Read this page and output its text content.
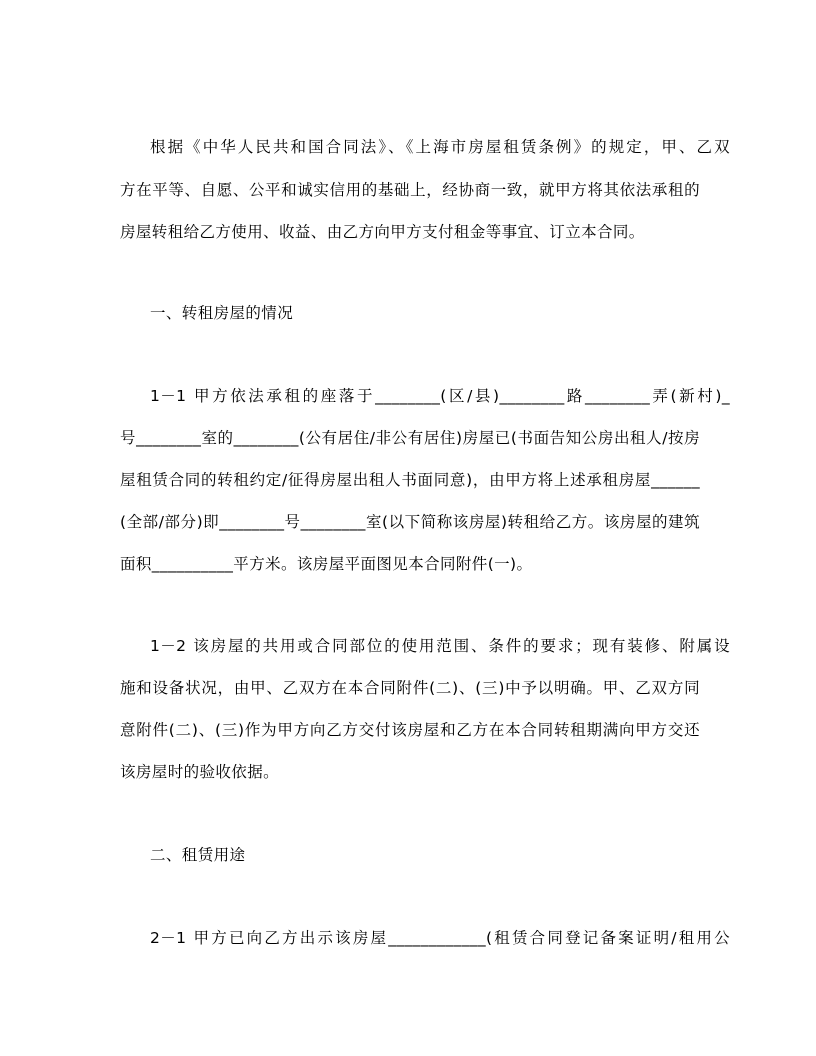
根据《中华人民共和国合同法》、《上海市房屋租赁条例》的规定，甲、乙双
方在平等、自愿、公平和诚实信用的基础上，经协商一致，就甲方将其依法承租的
房屋转租给乙方使用、收益、由乙方向甲方支付租金等事宜、订立本合同。
一、转租房屋的情况
1－1 甲方依法承租的座落于________(区/县)________路________弄(新村)_
号________室的________(公有居住/非公有居住)房屋已(书面告知公房出租人/按房
屋租赁合同的转租约定/征得房屋出租人书面同意)，由甲方将上述承租房屋______
(全部/部分)即________号________室(以下简称该房屋)转租给乙方。该房屋的建筑
面积__________平方米。该房屋平面图见本合同附件(一)。
1－2 该房屋的共用或合同部位的使用范围、条件的要求；现有装修、附属设
施和设备状况，由甲、乙双方在本合同附件(二)、(三)中予以明确。甲、乙双方同
意附件(二)、(三)作为甲方向乙方交付该房屋和乙方在本合同转租期满向甲方交还
该房屋时的验收依据。
二、租赁用途
2－1 甲方已向乙方出示该房屋____________(租赁合同登记备案证明/租用公
